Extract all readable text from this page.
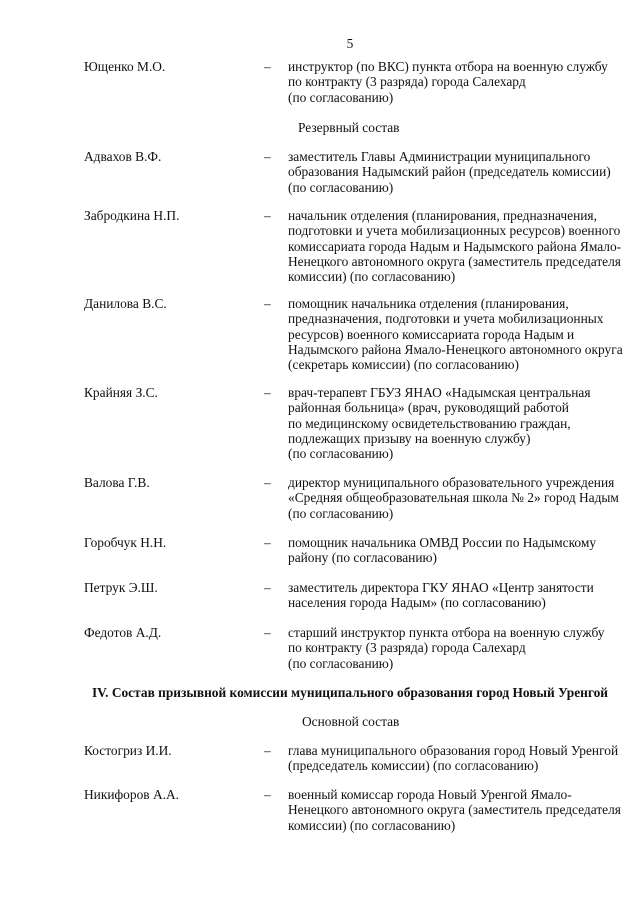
5
Ющенко М.О.	– инструктор (по ВКС) пункта отбора на военную службу
по контракту (3 разряда) города Салехард
(по согласованию)
Резервный состав
Адвахов В.Ф.	– заместитель Главы Администрации муниципального
образования Надымский район (председатель комиссии)
(по согласованию)
Забродкина Н.П.	– начальник отделения (планирования, предназначения,
подготовки и учета мобилизационных ресурсов) военного
комиссариата города Надым и Надымского района Ямало-
Ненецкого автономного округа (заместитель председателя
комиссии) (по согласованию)
Данилова В.С.	– помощник начальника отделения (планирования,
предназначения, подготовки и учета мобилизационных
ресурсов) военного комиссариата города Надым и
Надымского района Ямало-Ненецкого автономного округа
(секретарь комиссии) (по согласованию)
Крайняя З.С.	– врач-терапевт ГБУЗ ЯНАО «Надымская центральная
районная больница» (врач, руководящий работой
по медицинскому освидетельствованию граждан,
подлежащих призыву на военную службу)
(по согласованию)
Валова Г.В.	– директор муниципального образовательного учреждения
«Средняя общеобразовательная школа № 2» город Надым
(по согласованию)
Горобчук Н.Н.	– помощник начальника ОМВД России по Надымскому
району (по согласованию)
Петрук Э.Ш.	– заместитель директора ГКУ ЯНАО «Центр занятости
населения города Надым» (по согласованию)
Федотов А.Д.	– старший инструктор пункта отбора на военную службу
по контракту (3 разряда) города Салехард
(по согласованию)
IV. Состав призывной комиссии муниципального образования город Новый Уренгой
Основной состав
Костогриз И.И.	– глава муниципального образования город Новый Уренгой
(председатель комиссии) (по согласованию)
Никифоров А.А.	– военный комиссар города Новый Уренгой Ямало-
Ненецкого автономного округа (заместитель председателя
комиссии) (по согласованию)
